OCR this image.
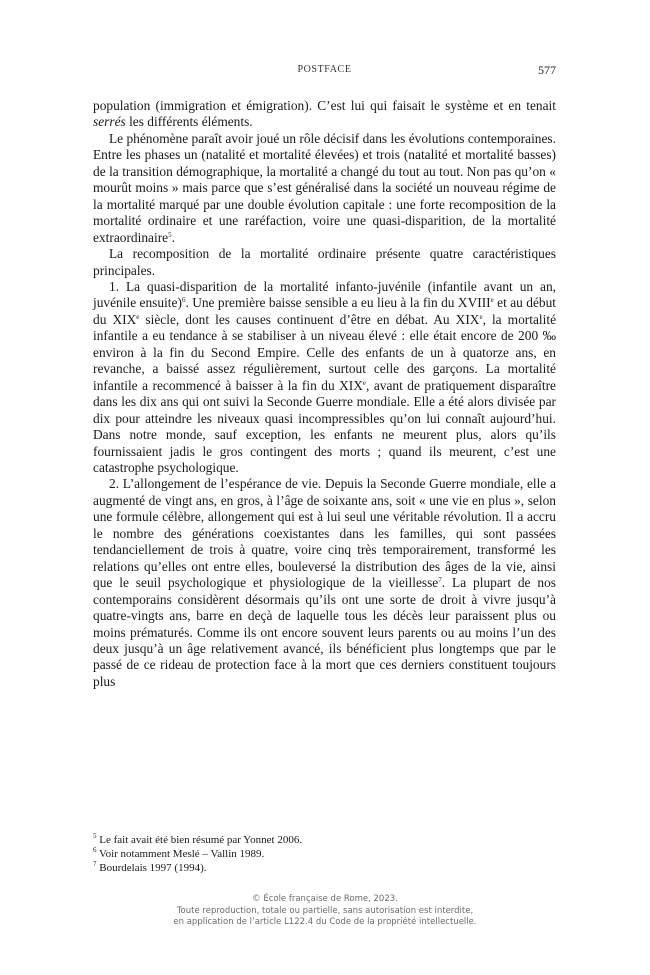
POSTFACE	577

population (immigration et émigration). C’est lui qui faisait le système et en tenait serrés les différents éléments.

Le phénomène paraît avoir joué un rôle décisif dans les évolutions contemporaines. Entre les phases un (natalité et mortalité élevées) et trois (natalité et mortalité basses) de la transition démographique, la mortalité a changé du tout au tout. Non pas qu’on « mourût moins » mais parce que s’est généralisé dans la société un nouveau régime de la mortalité marqué par une double évolution capitale : une forte recomposition de la mortalité ordinaire et une raréfaction, voire une quasi-disparition, de la mortalité extraordinaire$^5$.

La recomposition de la mortalité ordinaire présente quatre caractéristiques principales.

1. La quasi-disparition de la mortalité infanto-juvénile (infantile avant un an, juvénile ensuite)$^6$. Une première baisse sensible a eu lieu à la fin du XVIIIe et au début du XIXe siècle, dont les causes continuent d’être en débat. Au XIXe, la mortalité infantile a eu tendance à se stabiliser à un niveau élevé : elle était encore de 200 ‰ environ à la fin du Second Empire. Celle des enfants de un à quatorze ans, en revanche, a baissé assez régulièrement, surtout celle des garçons. La mortalité infantile a recommencé à baisser à la fin du XIXe, avant de pratiquement disparaître dans les dix ans qui ont suivi la Seconde Guerre mondiale. Elle a été alors divisée par dix pour atteindre les niveaux quasi incompressibles qu’on lui connaît aujourd’hui. Dans notre monde, sauf exception, les enfants ne meurent plus, alors qu’ils fournissaient jadis le gros contingent des morts ; quand ils meurent, c’est une catastrophe psychologique.

2. L’allongement de l’espérance de vie. Depuis la Seconde Guerre mondiale, elle a augmenté de vingt ans, en gros, à l’âge de soixante ans, soit « une vie en plus », selon une formule célèbre, allongement qui est à lui seul une véritable révolution. Il a accru le nombre des générations coexistantes dans les familles, qui sont passées tendanciellement de trois à quatre, voire cinq très temporairement, transformé les relations qu’elles ont entre elles, bouleversé la distribution des âges de la vie, ainsi que le seuil psychologique et physiologique de la vieillesse$^7$. La plupart de nos contemporains considèrent désormais qu’ils ont une sorte de droit à vivre jusqu’à quatre-vingts ans, barre en deçà de laquelle tous les décès leur paraissent plus ou moins prématurés. Comme ils ont encore souvent leurs parents ou au moins l’un des deux jusqu’à un âge relativement avancé, ils bénéficient plus longtemps que par le passé de ce rideau de protection face à la mort que ces derniers constituent toujours plus

$^5$ Le fait avait été bien résumé par Yonnet 2006.

$^6$ Voir notamment Meslé – Vallin 1989.

$^7$ Bourdelais 1997 (1994).

© École française de Rome, 2023.
Toute reproduction, totale ou partielle, sans autorisation est interdite,
en application de l’article L122.4 du Code de la propriété intellectuelle.
